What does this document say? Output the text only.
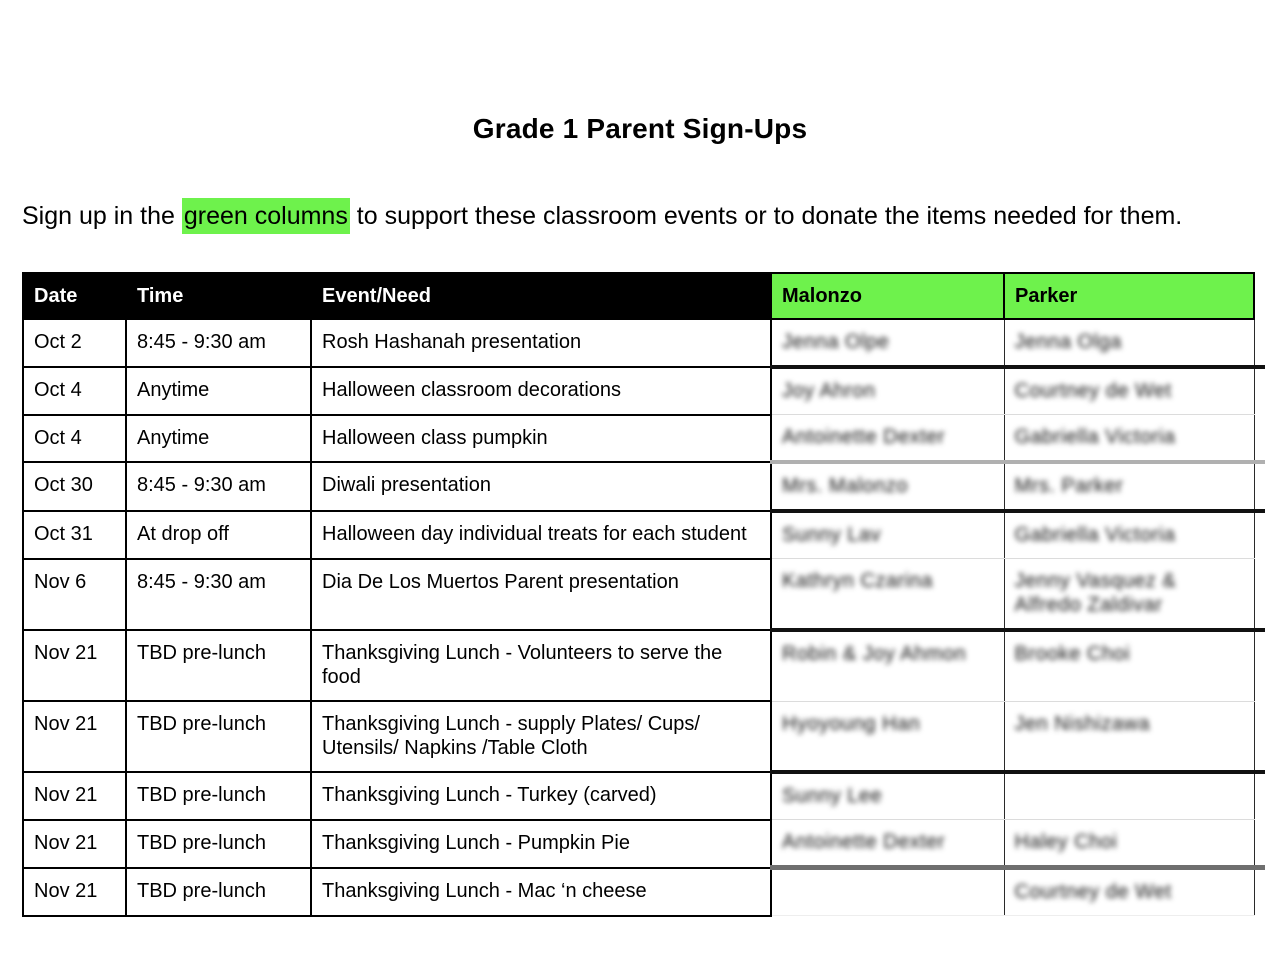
Grade 1 Parent Sign-Ups

Sign up in the green columns to support these classroom events or to donate the items needed for them.

Date	Time	Event/Need	Malonzo	Parker
Oct 2	8:45 - 9:30 am	Rosh Hashanah presentation	Jenna Olpe	Jenna Olga
Oct 4	Anytime	Halloween classroom decorations	Joy Ahron	Courtney de Wet
Oct 4	Anytime	Halloween class pumpkin	Antoinette Dexter	Gabriella Victoria
Oct 30	8:45 - 9:30 am	Diwali presentation	Mrs. Malonzo	Mrs. Parker
Oct 31	At drop off	Halloween day individual treats for each student	Sunny Lav	Gabriella Victoria
Nov 6	8:45 - 9:30 am	Dia De Los Muertos Parent presentation	Kathryn Czarina	Jenny Vasquez & Alfredo Zaldivar
Nov 21	TBD pre-lunch	Thanksgiving Lunch - Volunteers to serve the food	Robin & Joy Ahmon	Brooke Choi
Nov 21	TBD pre-lunch	Thanksgiving Lunch - supply Plates/ Cups/ Utensils/ Napkins /Table Cloth	Hyoyoung Han	Jen Nishizawa
Nov 21	TBD pre-lunch	Thanksgiving Lunch - Turkey (carved)	Sunny Lee	
Nov 21	TBD pre-lunch	Thanksgiving Lunch - Pumpkin Pie	Antoinette Dexter	Haley Choi
Nov 21	TBD pre-lunch	Thanksgiving Lunch - Mac ‘n cheese		Courtney de Wet
